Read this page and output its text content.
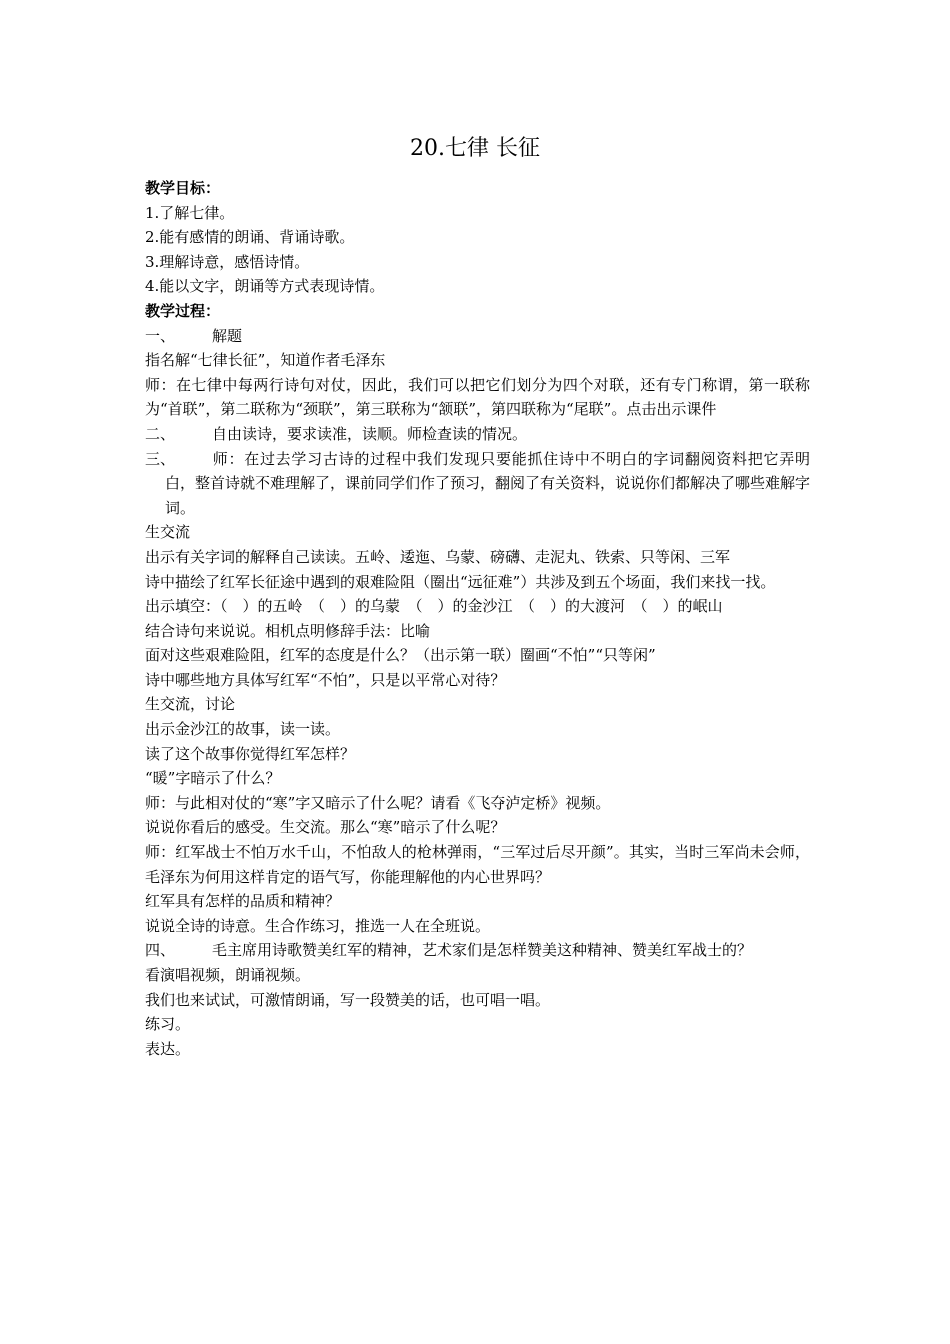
20.七律 长征
教学目标：
1.了解七律。
2.能有感情的朗诵、背诵诗歌。
3.理解诗意，感悟诗情。
4.能以文字，朗诵等方式表现诗情。
教学过程：
一、 解题
指名解“七律长征”，知道作者毛泽东
师：在七律中每两行诗句对仗，因此，我们可以把它们划分为四个对联，还有专门称谓，第一联称为“首联”，第二联称为“颈联”，第三联称为“颔联”，第四联称为“尾联”。点击出示课件
二、 自由读诗，要求读准，读顺。师检查读的情况。
三、 师：在过去学习古诗的过程中我们发现只要能抓住诗中不明白的字词翻阅资料把它弄明白，整首诗就不难理解了，课前同学们作了预习，翻阅了有关资料，说说你们都解决了哪些难解字词。
生交流
出示有关字词的解释自己读读。五岭、逶迤、乌蒙、磅礴、走泥丸、铁索、只等闲、三军
诗中描绘了红军长征途中遇到的艰难险阻（圈出“远征难”）共涉及到五个场面，我们来找一找。
出示填空：（　）的五岭　（　）的乌蒙　（　）的金沙江　（　）的大渡河　（　）的岷山
结合诗句来说说。相机点明修辞手法：比喻
面对这些艰难险阻，红军的态度是什么？（出示第一联）圈画“不怕”“只等闲”
诗中哪些地方具体写红军“不怕”，只是以平常心对待？
生交流，讨论
出示金沙江的故事，读一读。
读了这个故事你觉得红军怎样？
“暖”字暗示了什么？
师：与此相对仗的“寒”字又暗示了什么呢？请看《飞夺泸定桥》视频。
说说你看后的感受。生交流。那么“寒”暗示了什么呢？
师：红军战士不怕万水千山，不怕敌人的枪林弹雨，“三军过后尽开颜”。其实，当时三军尚未会师，毛泽东为何用这样肯定的语气写，你能理解他的内心世界吗？
红军具有怎样的品质和精神？
说说全诗的诗意。生合作练习，推选一人在全班说。
四、 毛主席用诗歌赞美红军的精神，艺术家们是怎样赞美这种精神、赞美红军战士的？
看演唱视频，朗诵视频。
我们也来试试，可激情朗诵，写一段赞美的话，也可唱一唱。
练习。
表达。
